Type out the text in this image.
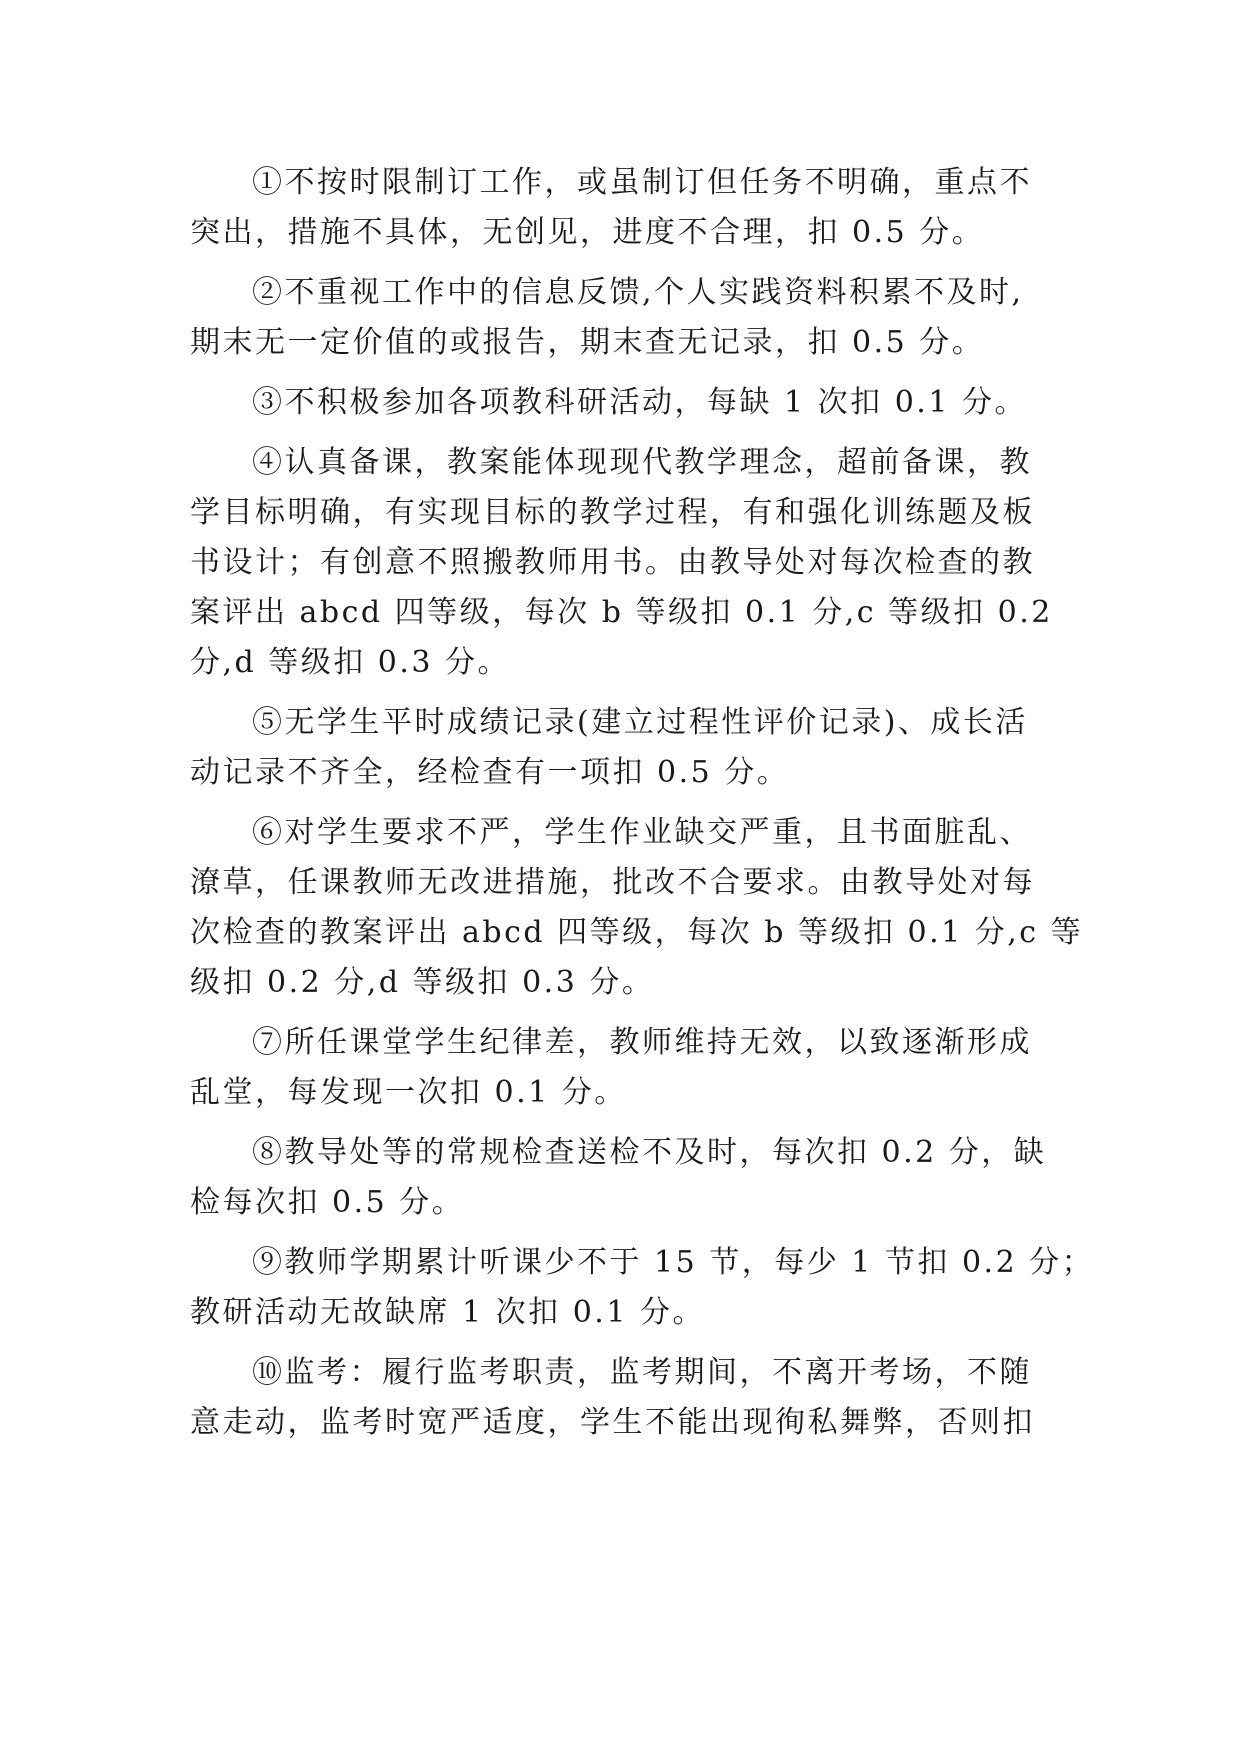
①不按时限制订工作，或虽制订但任务不明确，重点不
突出，措施不具体，无创见，进度不合理，扣 0.5 分。
②不重视工作中的信息反馈,个人实践资料积累不及时,
期末无一定价值的或报告，期末查无记录，扣 0.5 分。
③不积极参加各项教科研活动，每缺 1 次扣 0.1 分。
④认真备课，教案能体现现代教学理念，超前备课，教
学目标明确，有实现目标的教学过程，有和强化训练题及板
书设计；有创意不照搬教师用书。由教导处对每次检查的教
案评出 abcd 四等级，每次 b 等级扣 0.1 分,c 等级扣 0.2
分,d 等级扣 0.3 分。
⑤无学生平时成绩记录(建立过程性评价记录)、成长活
动记录不齐全，经检查有一项扣 0.5 分。
⑥对学生要求不严，学生作业缺交严重，且书面脏乱、
潦草，任课教师无改进措施，批改不合要求。由教导处对每
次检查的教案评出 abcd 四等级，每次 b 等级扣 0.1 分,c 等
级扣 0.2 分,d 等级扣 0.3 分。
⑦所任课堂学生纪律差，教师维持无效，以致逐渐形成
乱堂，每发现一次扣 0.1 分。
⑧教导处等的常规检查送检不及时，每次扣 0.2 分，缺
检每次扣 0.5 分。
⑨教师学期累计听课少不于 15 节，每少 1 节扣 0.2 分；
教研活动无故缺席 1 次扣 0.1 分。
⑩监考：履行监考职责，监考期间，不离开考场，不随
意走动，监考时宽严适度，学生不能出现徇私舞弊，否则扣
